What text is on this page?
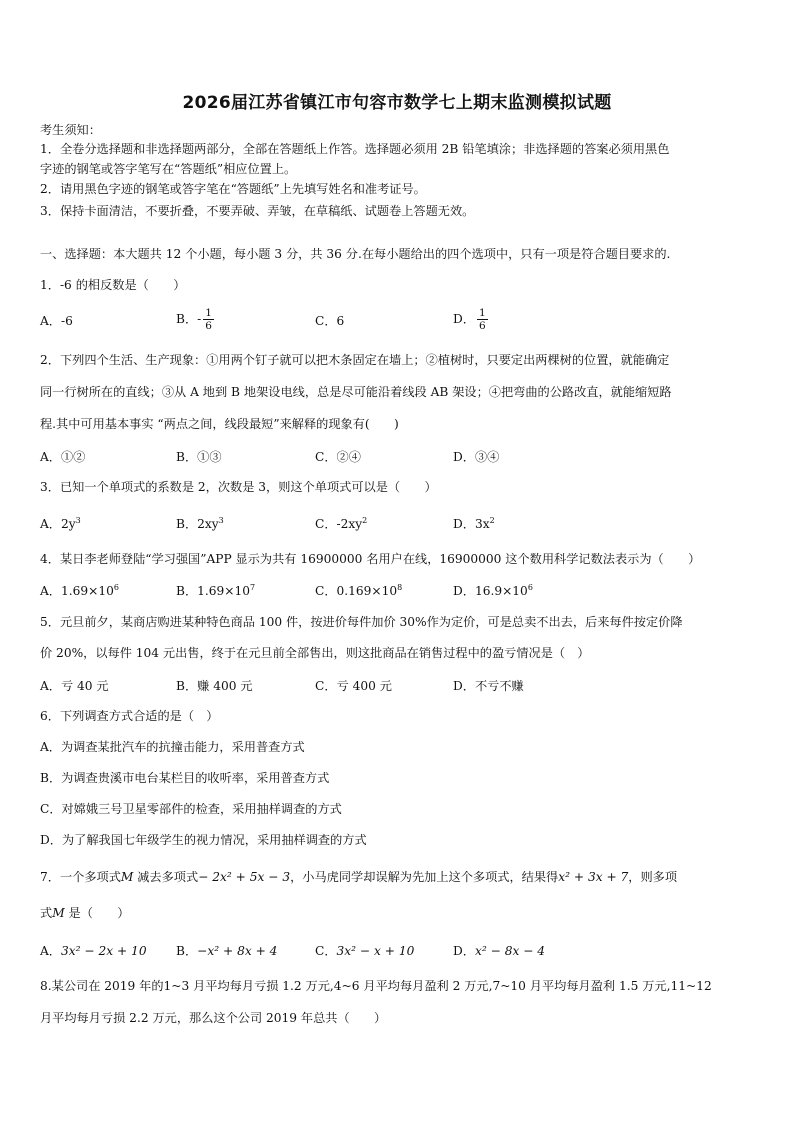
2026届江苏省镇江市句容市数学七上期末监测模拟试题
考生须知：
1．全卷分选择题和非选择题两部分，全部在答题纸上作答。选择题必须用 2B 铅笔填涂；非选择题的答案必须用黑色
字迹的钢笔或答字笔写在“答题纸”相应位置上。
2．请用黑色字迹的钢笔或答字笔在“答题纸”上先填写姓名和准考证号。
3．保持卡面清洁，不要折叠，不要弄破、弄皱，在草稿纸、试题卷上答题无效。
一、选择题：本大题共 12 个小题，每小题 3 分，共 36 分.在每小题给出的四个选项中，只有一项是符合题目要求的.
1．-6 的相反数是（　　）
A．-6	B．- $\frac{1}{6}$	C．6	D． $\frac{1}{6}$
2．下列四个生活、生产现象：①用两个钉子就可以把木条固定在墙上；②植树时，只要定出两棵树的位置，就能确定
同一行树所在的直线；③从 A 地到 B 地架设电线，总是尽可能沿着线段 AB 架设；④把弯曲的公路改直，就能缩短路
程.其中可用基本事实 “两点之间，线段最短”来解释的现象有(　　)
A．①②	B．①③	C．②④	D．③④
3．已知一个单项式的系数是 2，次数是 3，则这个单项式可以是（　　）
A．$2y^3$	B．$2xy^3$	C．$-2xy^2$	D．$3x^2$
4．某日李老师登陆“学习强国”APP 显示为共有 16900000 名用户在线，16900000 这个数用科学记数法表示为（　　）
A．$1.69\times 10^6$	B．$1.69\times 10^7$	C．$0.169\times 10^8$	D．$16.9\times 10^6$
5．元旦前夕，某商店购进某种特色商品 100 件，按进价每件加价 30%作为定价，可是总卖不出去，后来每件按定价降
价 20%，以每件 104 元出售，终于在元旦前全部售出，则这批商品在销售过程中的盈亏情况是（　）
A．亏 40 元	B．赚 400 元	C．亏 400 元	D．不亏不赚
6．下列调查方式合适的是（　）
A．为调查某批汽车的抗撞击能力，采用普查方式
B．为调查贵溪市电台某栏目的收听率，采用普查方式
C．对嫦娥三号卫星零部件的检查，采用抽样调查的方式
D．为了解我国七年级学生的视力情况，采用抽样调查的方式
7．一个多项式M 减去多项式− 2x² + 5x − 3，小马虎同学却误解为先加上这个多项式，结果得x² + 3x + 7，则多项
式M 是（　　）
A．3x² − 2x + 10 B．−x² + 8x + 4	C．3x² − x + 10	D．x² − 8x − 4
8.某公司在 2019 年的1~3 月平均每月亏损 1.2 万元,4~6 月平均每月盈利 2 万元,7~10 月平均每月盈利 1.5 万元,11~12
月平均每月亏损 2.2 万元，那么这个公司 2019 年总共（　　）
